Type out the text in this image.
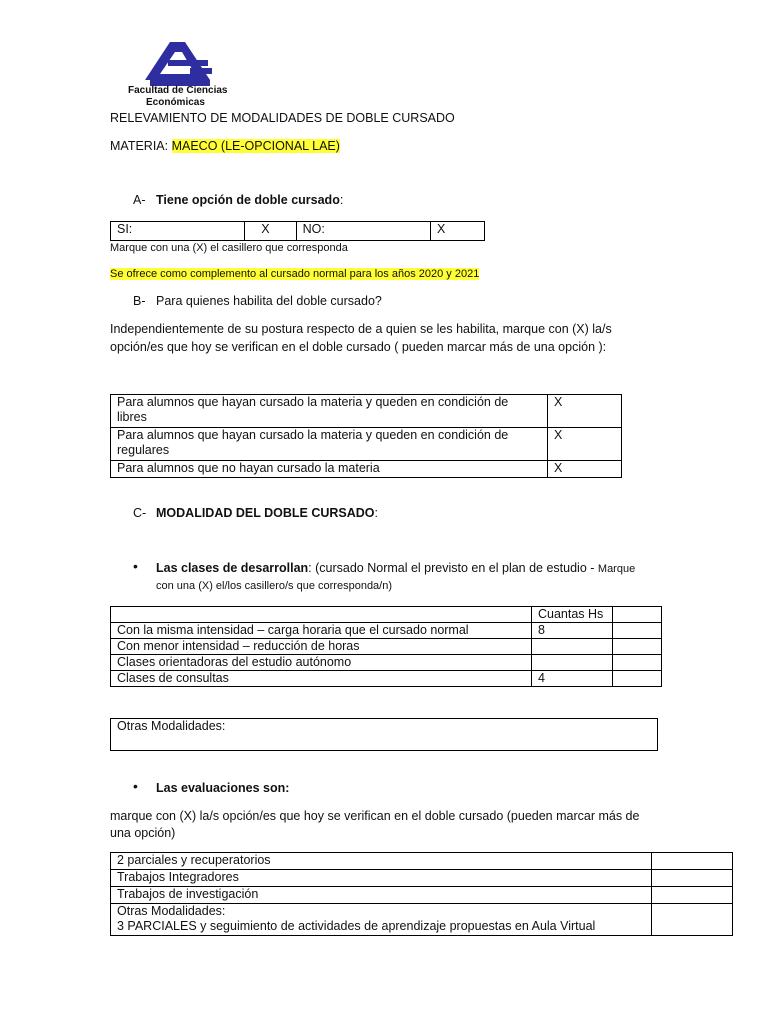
Facultad de Ciencias
Económicas
RELEVAMIENTO DE MODALIDADES DE DOBLE CURSADO
MATERIA: MAECO (LE-OPCIONAL LAE)
A- Tiene opción de doble cursado:
SI:	X	NO:	X
Marque con una (X) el casillero que corresponda
Se ofrece como complemento al cursado normal para los años 2020 y 2021
B- Para quienes habilita del doble cursado?
Independientemente de su postura respecto de a quien se les habilita, marque con (X) la/s
opción/es que hoy se verifican en el doble cursado ( pueden marcar más de una opción ):
Para alumnos que hayan cursado la materia y queden en condición de
libres	X
Para alumnos que hayan cursado la materia y queden en condición de
regulares	X
Para alumnos que no hayan cursado la materia	X
C- MODALIDAD DEL DOBLE CURSADO:
• Las clases de desarrollan: (cursado Normal el previsto en el plan de estudio - Marque
con una (X) el/los casillero/s que corresponda/n)
	Cuantas Hs	
Con la misma intensidad – carga horaria que el cursado normal	8	
Con menor intensidad – reducción de horas		
Clases orientadoras del estudio autónomo		
Clases de consultas	4	
Otras Modalidades:
• Las evaluaciones son:
marque con (X) la/s opción/es que hoy se verifican en el doble cursado (pueden marcar más de
una opción)
2 parciales y recuperatorios	
Trabajos Integradores	
Trabajos de investigación	
Otras Modalidades:
3 PARCIALES y seguimiento de actividades de aprendizaje propuestas en Aula Virtual	
